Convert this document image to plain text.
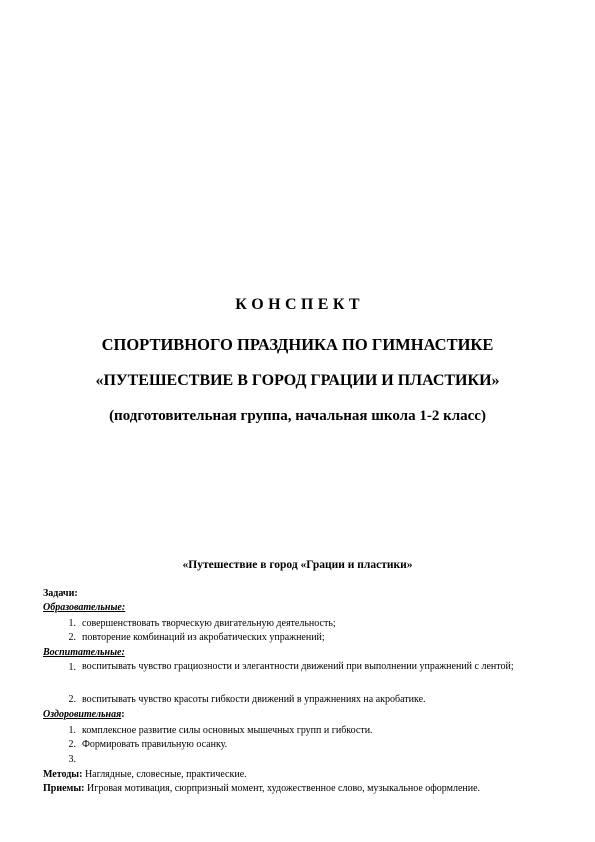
К О Н С П Е К Т
СПОРТИВНОГО ПРАЗДНИКА ПО ГИМНАСТИКЕ
«ПУТЕШЕСТВИЕ В ГОРОД ГРАЦИИ И ПЛАСТИКИ»
(подготовительная группа, начальная школа 1-2 класс)
«Путешествие в город «Грации и пластики»
Задачи:
Образовательные:
1. совершенствовать творческую двигательную деятельность;
2. повторение комбинаций из акробатических упражнений;
Воспитательные:
1. воспитывать чувство грациозности и элегантности движений при выполнении упражнений с лентой;
2. воспитывать чувство красоты гибкости движений в упражнениях на акробатике.
Оздоровительная:
1. комплексное развитие силы основных мышечных групп и гибкости.
2. Формировать правильную осанку.
3.
Методы: Наглядные, словесные, практические.
Приемы: Игровая мотивация, сюрпризный момент, художественное слово, музыкальное оформление.
